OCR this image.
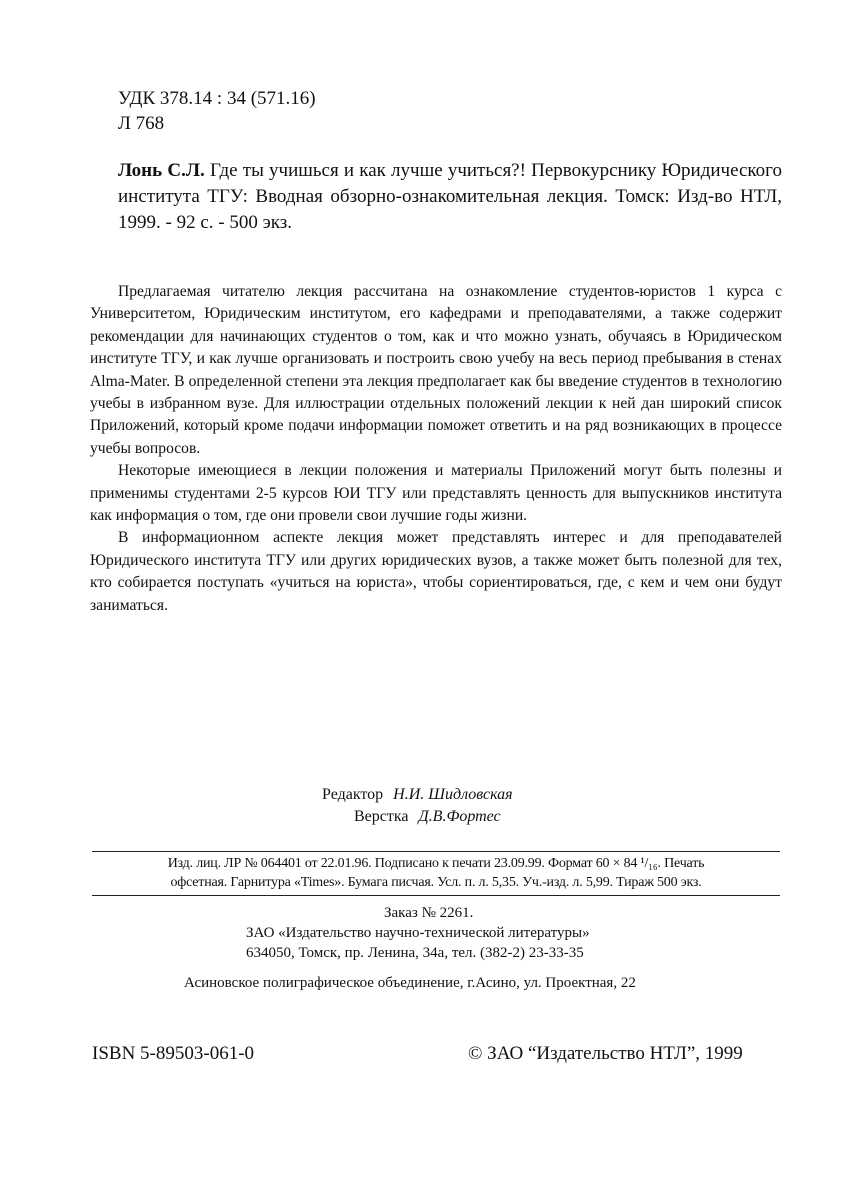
УДК 378.14 : 34 (571.16)
Л 768
Лонь С.Л. Где ты учишься и как лучше учиться?! Первокурснику Юридического института ТГУ: Вводная обзорно-ознакомительная лекция. Томск: Изд-во НТЛ, 1999. - 92 с. - 500 экз.

Предлагаемая читателю лекция рассчитана на ознакомление студентов-юристов 1 курса с Университетом, Юридическим институтом, его кафедрами и преподавателями, а также содержит рекомендации для начинающих студентов о том, как и что можно узнать, обучаясь в Юридическом институте ТГУ, и как лучше организовать и построить свою учебу на весь период пребывания в стенах Alma-Mater. В определенной степени эта лекция предполагает как бы введение студентов в технологию учебы в избранном вузе. Для иллюстрации отдельных положений лекции к ней дан широкий список Приложений, который кроме подачи информации поможет ответить и на ряд возникающих в процессе учебы вопросов.

Некоторые имеющиеся в лекции положения и материалы Приложений могут быть полезны и применимы студентами 2-5 курсов ЮИ ТГУ или представлять ценность для выпускников института как информация о том, где они провели свои лучшие годы жизни.

В информационном аспекте лекция может представлять интерес и для преподавателей Юридического института ТГУ или других юридических вузов, а также может быть полезной для тех, кто собирается поступать «учиться на юриста», чтобы сориентироваться, где, с кем и чем они будут заниматься.

Редактор Н.И. Шидловская
Верстка Д.В.Фортес
Изд. лиц. ЛР № 064401 от 22.01.96. Подписано к печати 23.09.99. Формат 60 × 84 ¹/₁₆. Печать
офсетная. Гарнитура «Times». Бумага писчая. Усл. п. л. 5,35. Уч.-изд. л. 5,99. Тираж 500 экз.
Заказ № 2261.
ЗАО «Издательство научно-технической литературы»
634050, Томск, пр. Ленина, 34а, тел. (382-2) 23-33-35
Асиновское полиграфическое объединение, г.Асино, ул. Проектная, 22
ISBN 5-89503-061-0	© ЗАО “Издательство НТЛ”, 1999
